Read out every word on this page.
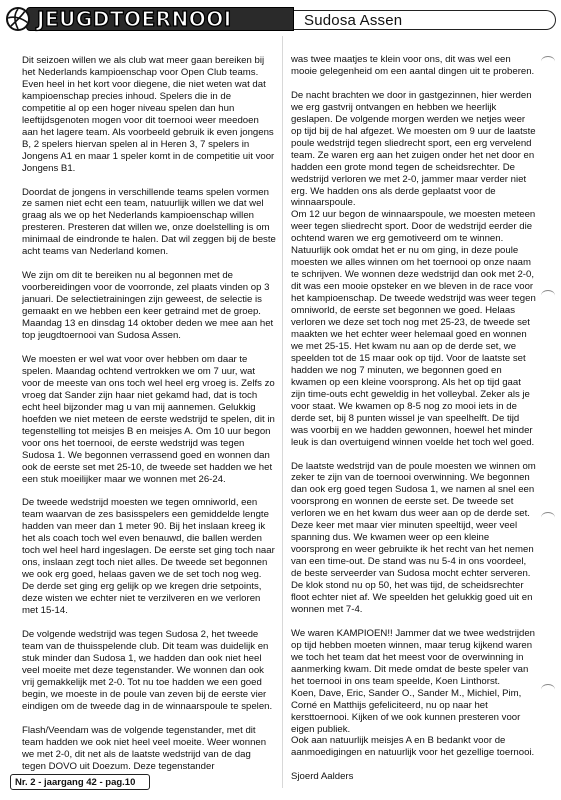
JEUGDTOERNOOI	Sudosa Assen

Dit seizoen willen we als club wat meer gaan bereiken bij het Nederlands kampioenschap voor Open Club teams. Even heel in het kort voor diegene, die niet weten wat dat kampioenschap precies inhoud. Spelers die in de competitie al op een hoger niveau spelen dan hun leeftijdsgenoten mogen voor dit toernooi weer meedoen aan het lagere team. Als voorbeeld gebruik ik even jongens B, 2 spelers hiervan spelen al in Heren 3, 7 spelers in Jongens A1 en maar 1 speler komt in de competitie uit voor Jongens B1.

Doordat de jongens in verschillende teams spelen vormen ze samen niet echt een team, natuurlijk willen we dat wel graag als we op het Nederlands kampioenschap willen presteren. Presteren dat willen we, onze doelstelling is om minimaal de eindronde te halen. Dat wil zeggen bij de beste acht teams van Nederland komen.

We zijn om dit te bereiken nu al begonnen met de voorbereidingen voor de voorronde, zel plaats vinden op 3 januari. De selectietrainingen zijn geweest, de selectie is gemaakt en we hebben een keer getraind met de groep. Maandag 13 en dinsdag 14 oktober deden we mee aan het top jeugdtoernooi van Sudosa Assen.

We moesten er wel wat voor over hebben om daar te spelen. Maandag ochtend vertrokken we om 7 uur, wat voor de meeste van ons toch wel heel erg vroeg is. Zelfs zo vroeg dat Sander zijn haar niet gekamd had, dat is toch echt heel bijzonder mag u van mij aannemen. Gelukkig hoefden we niet meteen de eerste wedstrijd te spelen, dit in tegenstelling tot meisjes B en meisjes A. Om 10 uur begon voor ons het toernooi, de eerste wedstrijd was tegen Sudosa 1. We begonnen verrassend goed en wonnen dan ook de eerste set met 25-10, de tweede set hadden we het een stuk moeilijker maar we wonnen met 26-24.

De tweede wedstrijd moesten we tegen omniworld, een team waarvan de zes basisspelers een gemiddelde lengte hadden van meer dan 1 meter 90. Bij het inslaan kreeg ik het als coach toch wel even benauwd, die ballen werden toch wel heel hard ingeslagen. De eerste set ging toch naar ons, inslaan zegt toch niet alles. De tweede set begonnen we ook erg goed, helaas gaven we de set toch nog weg. De derde set ging erg gelijk op we kregen drie setpoints, deze wisten we echter niet te verzilveren en we verloren met 15-14.

De volgende wedstrijd was tegen Sudosa 2, het tweede team van de thuisspelende club. Dit team was duidelijk en stuk minder dan Sudosa 1, we hadden dan ook niet heel veel moeite met deze tegenstander. We wonnen dan ook vrij gemakkelijk met 2-0. Tot nu toe hadden we een goed begin, we moeste in de poule van zeven bij de eerste vier eindigen om de tweede dag in de winnaarspoule te spelen.

Flash/Veendam was de volgende tegenstander, met dit team hadden we ook niet heel veel moeite. Weer wonnen we met 2-0, dit net als de laatste wedstrijd van de dag tegen DOVO uit Doezum. Deze tegenstander

was twee maatjes te klein voor ons, dit was wel een mooie gelegenheid om een aantal dingen uit te proberen.

De nacht brachten we door in gastgezinnen, hier werden we erg gastvrij ontvangen en hebben we heerlijk geslapen. De volgende morgen werden we netjes weer op tijd bij de hal afgezet. We moesten om 9 uur de laatste poule wedstrijd tegen sliedrecht sport, een erg vervelend team. Ze waren erg aan het zuigen onder het net door en hadden een grote mond tegen de scheidsrechter. De wedstrijd verloren we met 2-0, jammer maar verder niet erg. We hadden ons als derde geplaatst voor de winnaarspoule.

Om 12 uur begon de winnaarspoule, we moesten meteen weer tegen sliedrecht sport. Door de wedstrijd eerder die ochtend waren we erg gemotiveerd om te winnen. Natuurlijk ook omdat het er nu om ging, in deze poule moesten we alles winnen om het toernooi op onze naam te schrijven. We wonnen deze wedstrijd dan ook met 2-0, dit was een mooie opsteker en we bleven in de race voor het kampioenschap. De tweede wedstrijd was weer tegen omniworld, de eerste set begonnen we goed. Helaas verloren we deze set toch nog met 25-23, de tweede set maakten we het echter weer helemaal goed en wonnen we met 25-15. Het kwam nu aan op de derde set, we speelden tot de 15 maar ook op tijd. Voor de laatste set hadden we nog 7 minuten, we begonnen goed en kwamen op een kleine voorsprong. Als het op tijd gaat zijn time-outs echt geweldig in het volleybal. Zeker als je voor staat. We kwamen op 8-5 nog zo mooi iets in de derde set, bij 8 punten wissel je van speelhelft. De tijd was voorbij en we hadden gewonnen, hoewel het minder leuk is dan overtuigend winnen voelde het toch wel goed.

De laatste wedstrijd van de poule moesten we winnen om zeker te zijn van de toernooi overwinning. We begonnen dan ook erg goed tegen Sudosa 1, we namen al snel een voorsprong en wonnen de eerste set. De tweede set verloren we en het kwam dus weer aan op de derde set. Deze keer met maar vier minuten speeltijd, weer veel spanning dus. We kwamen weer op een kleine voorsprong en weer gebruikte ik het recht van het nemen van een time-out. De stand was nu 5-4 in ons voordeel, de beste serveerder van Sudosa mocht echter serveren. De klok stond nu op 50, het was tijd, de scheidsrechter floot echter niet af. We speelden het gelukkig goed uit en wonnen met 7-4.

We waren KAMPIOEN!! Jammer dat we twee wedstrijden op tijd hebben moeten winnen, maar terug kijkend waren we toch het team dat het meest voor de overwinning in aanmerking kwam. Dit mede omdat de beste speler van het toernooi in ons team speelde, Koen Linthorst.

Koen, Dave, Eric, Sander O., Sander M., Michiel, Pim, Corné en Matthijs gefeliciteerd, nu op naar het kersttoernooi. Kijken of we ook kunnen presteren voor eigen publiek.

Ook aan natuurlijk meisjes A en B bedankt voor de aanmoedigingen en natuurlijk voor het gezellige toernooi.

Sjoerd Aalders

Nr. 2 - jaargang 42 - pag.10
